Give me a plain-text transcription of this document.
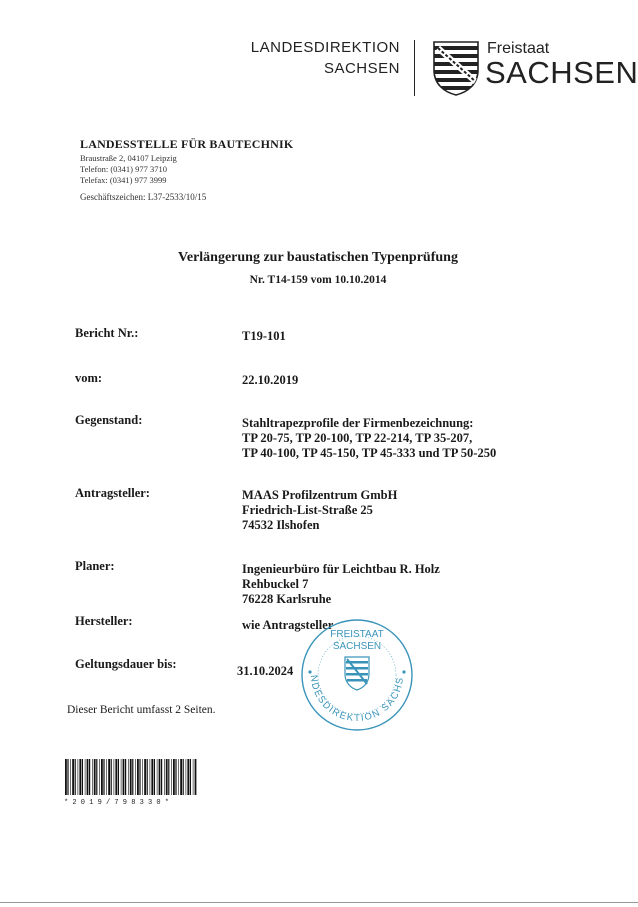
LANDESDIREKTION
SACHSEN
Freistaat
SACHSEN
LANDESSTELLE FÜR BAUTECHNIK
Braustraße 2, 04107 Leipzig
Telefon: (0341) 977 3710
Telefax: (0341) 977 3999
Geschäftszeichen: L37-2533/10/15
Verlängerung zur baustatischen Typenprüfung
Nr. T14-159 vom 10.10.2014
Bericht Nr.:	T19-101
vom:	22.10.2019
Gegenstand:	Stahltrapezprofile der Firmenbezeichnung:
TP 20-75, TP 20-100, TP 22-214, TP 35-207,
TP 40-100, TP 45-150, TP 45-333 und TP 50-250
Antragsteller:	MAAS Profilzentrum GmbH
Friedrich-List-Straße 25
74532 Ilshofen
Planer:	Ingenieurbüro für Leichtbau R. Holz
Rehbuckel 7
76228 Karlsruhe
Hersteller:	wie Antragsteller
Geltungsdauer bis:	31.10.2024
Dieser Bericht umfasst 2 Seiten.
FREISTAAT
SACHSEN
NDESDIREKTION SACHS
*2019/798330*
